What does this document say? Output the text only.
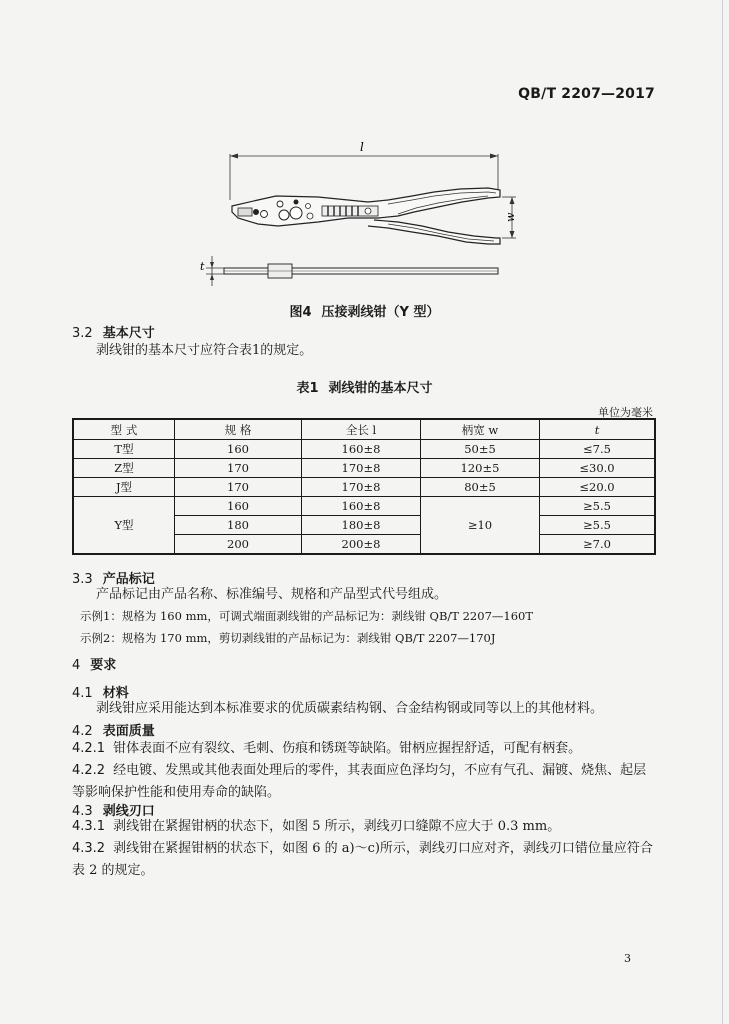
QB/T 2207—2017
l
w
t
图4 压接剥线钳（Y 型）
3.2 基本尺寸
剥线钳的基本尺寸应符合表1的规定。
表1 剥线钳的基本尺寸
单位为毫米
型 式	规 格	全长 l	柄宽 w	t
T型	160	160±8	50±5	≤7.5
Z型	170	170±8	120±5	≤30.0
J型	170	170±8	80±5	≤20.0
Y型	160	160±8	≥10	≥5.5
	180	180±8		≥5.5
	200	200±8		≥7.0
3.3 产品标记
产品标记由产品名称、标准编号、规格和产品型式代号组成。
示例1：规格为 160 mm，可调式端面剥线钳的产品标记为：剥线钳 QB/T 2207—160T
示例2：规格为 170 mm，剪切剥线钳的产品标记为：剥线钳 QB/T 2207—170J
4 要求
4.1 材料
剥线钳应采用能达到本标准要求的优质碳素结构钢、合金结构钢或同等以上的其他材料。
4.2 表面质量
4.2.1 钳体表面不应有裂纹、毛刺、伤痕和锈斑等缺陷。钳柄应握捏舒适，可配有柄套。
4.2.2 经电镀、发黑或其他表面处理后的零件，其表面应色泽均匀，不应有气孔、漏镀、烧焦、起层等影响保护性能和使用寿命的缺陷。
4.3 剥线刃口
4.3.1 剥线钳在紧握钳柄的状态下，如图 5 所示，剥线刃口缝隙不应大于 0.3 mm。
4.3.2 剥线钳在紧握钳柄的状态下，如图 6 的 a)～c)所示，剥线刃口应对齐，剥线刃口错位量应符合表 2 的规定。
3
